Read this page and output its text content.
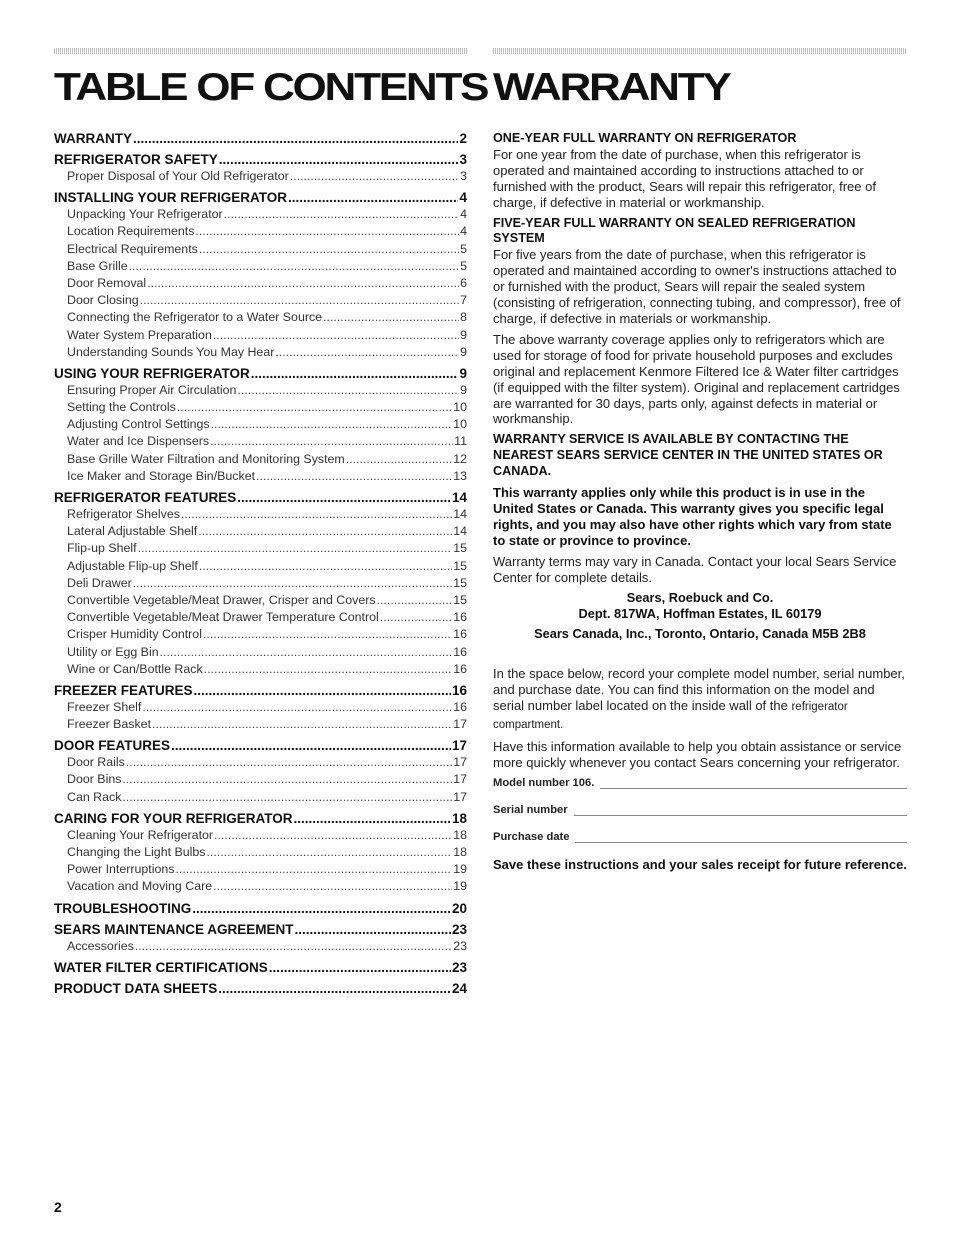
TABLE OF CONTENTS
WARRANTY .....	2
REFRIGERATOR SAFETY .....	3
Proper Disposal of Your Old Refrigerator .....	3
INSTALLING YOUR REFRIGERATOR .....	4
Unpacking Your Refrigerator .....	4
Location Requirements .....	4
Electrical Requirements .....	5
Base Grille .....	5
Door Removal .....	6
Door Closing .....	7
Connecting the Refrigerator to a Water Source .....	8
Water System Preparation .....	9
Understanding Sounds You May Hear .....	9
USING YOUR REFRIGERATOR .....	9
Ensuring Proper Air Circulation .....	9
Setting the Controls .....	10
Adjusting Control Settings .....	10
Water and Ice Dispensers .....	11
Base Grille Water Filtration and Monitoring System .....	12
Ice Maker and Storage Bin/Bucket .....	13
REFRIGERATOR FEATURES .....	14
Refrigerator Shelves .....	14
Lateral Adjustable Shelf .....	14
Flip-up Shelf .....	15
Adjustable Flip-up Shelf .....	15
Deli Drawer .....	15
Convertible Vegetable/Meat Drawer, Crisper and Covers .....	15
Convertible Vegetable/Meat Drawer Temperature Control .....	16
Crisper Humidity Control .....	16
Utility or Egg Bin .....	16
Wine or Can/Bottle Rack .....	16
FREEZER FEATURES .....	16
Freezer Shelf .....	16
Freezer Basket .....	17
DOOR FEATURES .....	17
Door Rails .....	17
Door Bins .....	17
Can Rack .....	17
CARING FOR YOUR REFRIGERATOR .....	18
Cleaning Your Refrigerator .....	18
Changing the Light Bulbs .....	18
Power Interruptions .....	19
Vacation and Moving Care .....	19
TROUBLESHOOTING .....	20
SEARS MAINTENANCE AGREEMENT .....	23
Accessories .....	23
WATER FILTER CERTIFICATIONS .....	23
PRODUCT DATA SHEETS .....	24
WARRANTY
ONE-YEAR FULL WARRANTY ON REFRIGERATOR

For one year from the date of purchase, when this refrigerator is operated and maintained according to instructions attached to or furnished with the product, Sears will repair this refrigerator, free of charge, if defective in material or workmanship.

FIVE-YEAR FULL WARRANTY ON SEALED REFRIGERATION SYSTEM

For five years from the date of purchase, when this refrigerator is operated and maintained according to owner's instructions attached to or furnished with the product, Sears will repair the sealed system (consisting of refrigeration, connecting tubing, and compressor), free of charge, if defective in materials or workmanship.

The above warranty coverage applies only to refrigerators which are used for storage of food for private household purposes and excludes original and replacement Kenmore Filtered Ice & Water filter cartridges (if equipped with the filter system). Original and replacement cartridges are warranted for 30 days, parts only, against defects in material or workmanship.

WARRANTY SERVICE IS AVAILABLE BY CONTACTING THE NEAREST SEARS SERVICE CENTER IN THE UNITED STATES OR CANADA.

This warranty applies only while this product is in use in the United States or Canada. This warranty gives you specific legal rights, and you may also have other rights which vary from state to state or province to province.

Warranty terms may vary in Canada. Contact your local Sears Service Center for complete details.

Sears, Roebuck and Co.

Dept. 817WA, Hoffman Estates, IL 60179

Sears Canada, Inc., Toronto, Ontario, Canada M5B 2B8

In the space below, record your complete model number, serial number, and purchase date. You can find this information on the model and serial number label located on the inside wall of the refrigerator compartment.

Have this information available to help you obtain assistance or service more quickly whenever you contact Sears concerning your refrigerator.

Model number 106.
Serial number
Purchase date

Save these instructions and your sales receipt for future reference.

2
